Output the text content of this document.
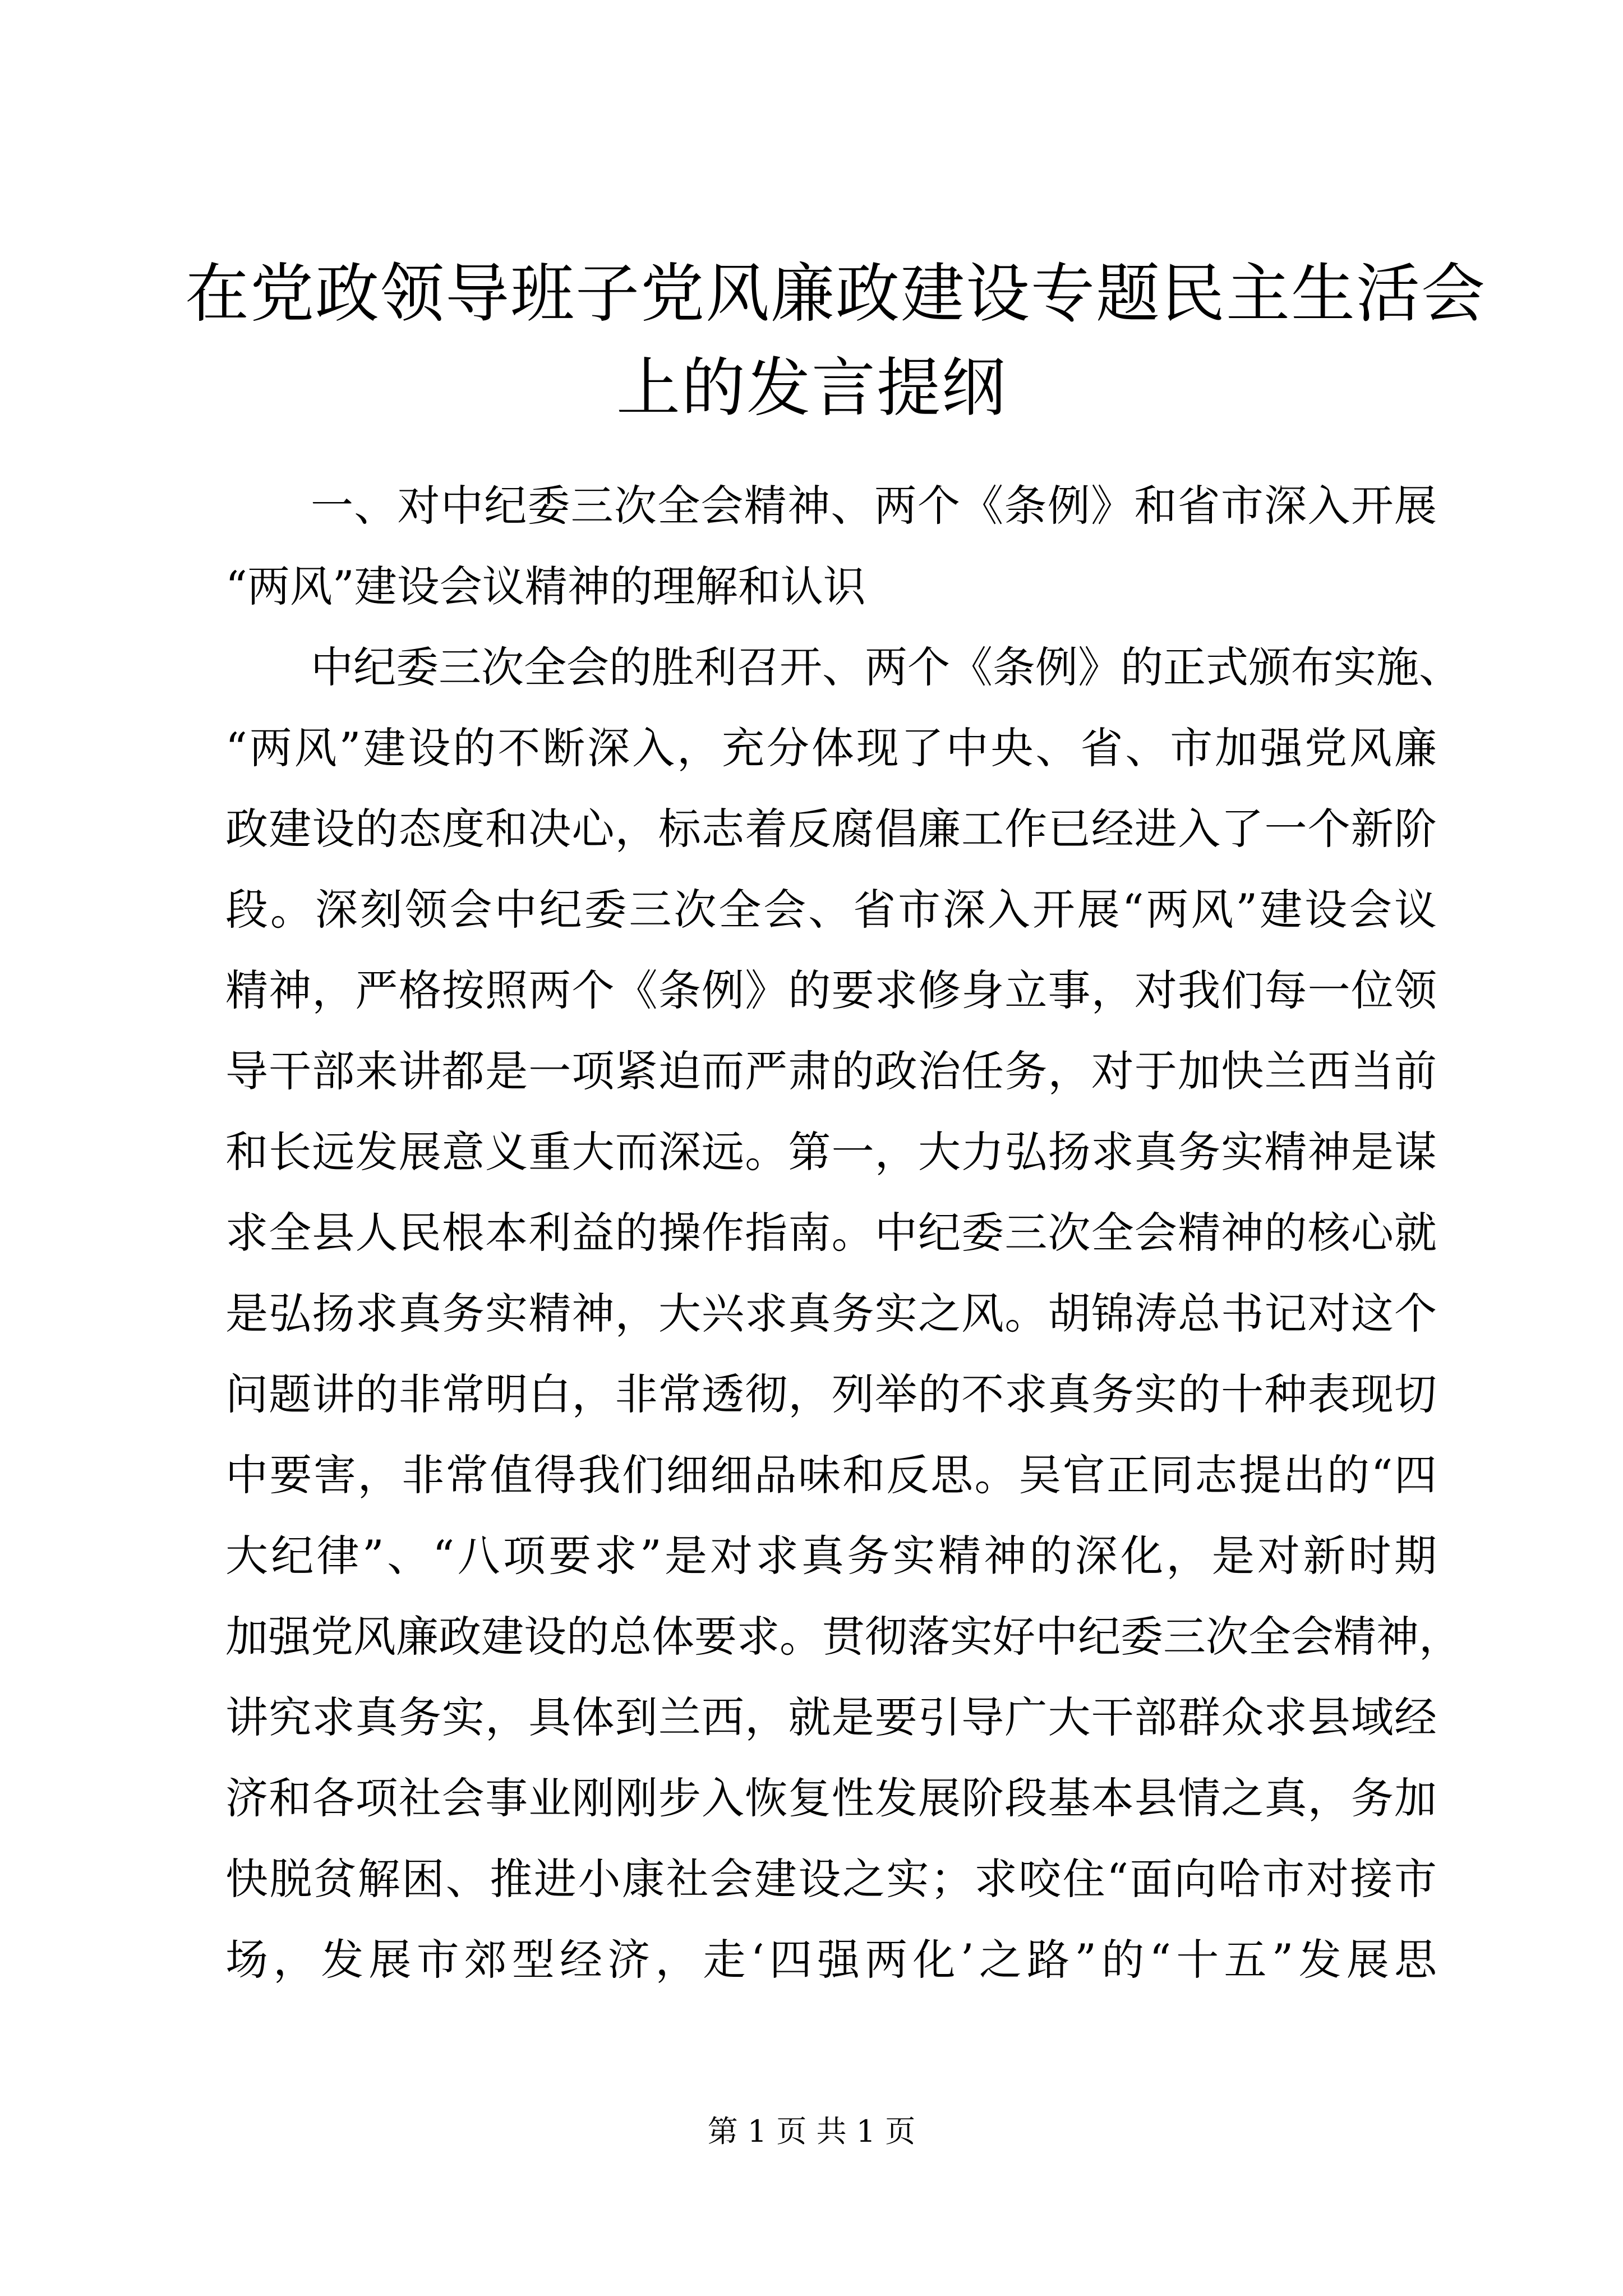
在党政领导班子党风廉政建设专题民主生活会
上的发言提纲
一、对中纪委三次全会精神、两个《条例》和省市深入开展
“两风”建设会议精神的理解和认识
中纪委三次全会的胜利召开、两个《条例》的正式颁布实施、
“两风”建设的不断深入，充分体现了中央、省、市加强党风廉
政建设的态度和决心，标志着反腐倡廉工作已经进入了一个新阶
段。深刻领会中纪委三次全会、省市深入开展“两风”建设会议
精神，严格按照两个《条例》的要求修身立事，对我们每一位领
导干部来讲都是一项紧迫而严肃的政治任务，对于加快兰西当前
和长远发展意义重大而深远。第一，大力弘扬求真务实精神是谋
求全县人民根本利益的操作指南。中纪委三次全会精神的核心就
是弘扬求真务实精神，大兴求真务实之风。胡锦涛总书记对这个
问题讲的非常明白，非常透彻，列举的不求真务实的十种表现切
中要害，非常值得我们细细品味和反思。吴官正同志提出的“四
大纪律”、“八项要求”是对求真务实精神的深化，是对新时期
加强党风廉政建设的总体要求。贯彻落实好中纪委三次全会精神，
讲究求真务实，具体到兰西，就是要引导广大干部群众求县域经
济和各项社会事业刚刚步入恢复性发展阶段基本县情之真，务加
快脱贫解困、推进小康社会建设之实；求咬住“面向哈市对接市
场，发展市郊型经济，走‘四强两化’之路”的“十五”发展思
第 1 页 共 1 页
